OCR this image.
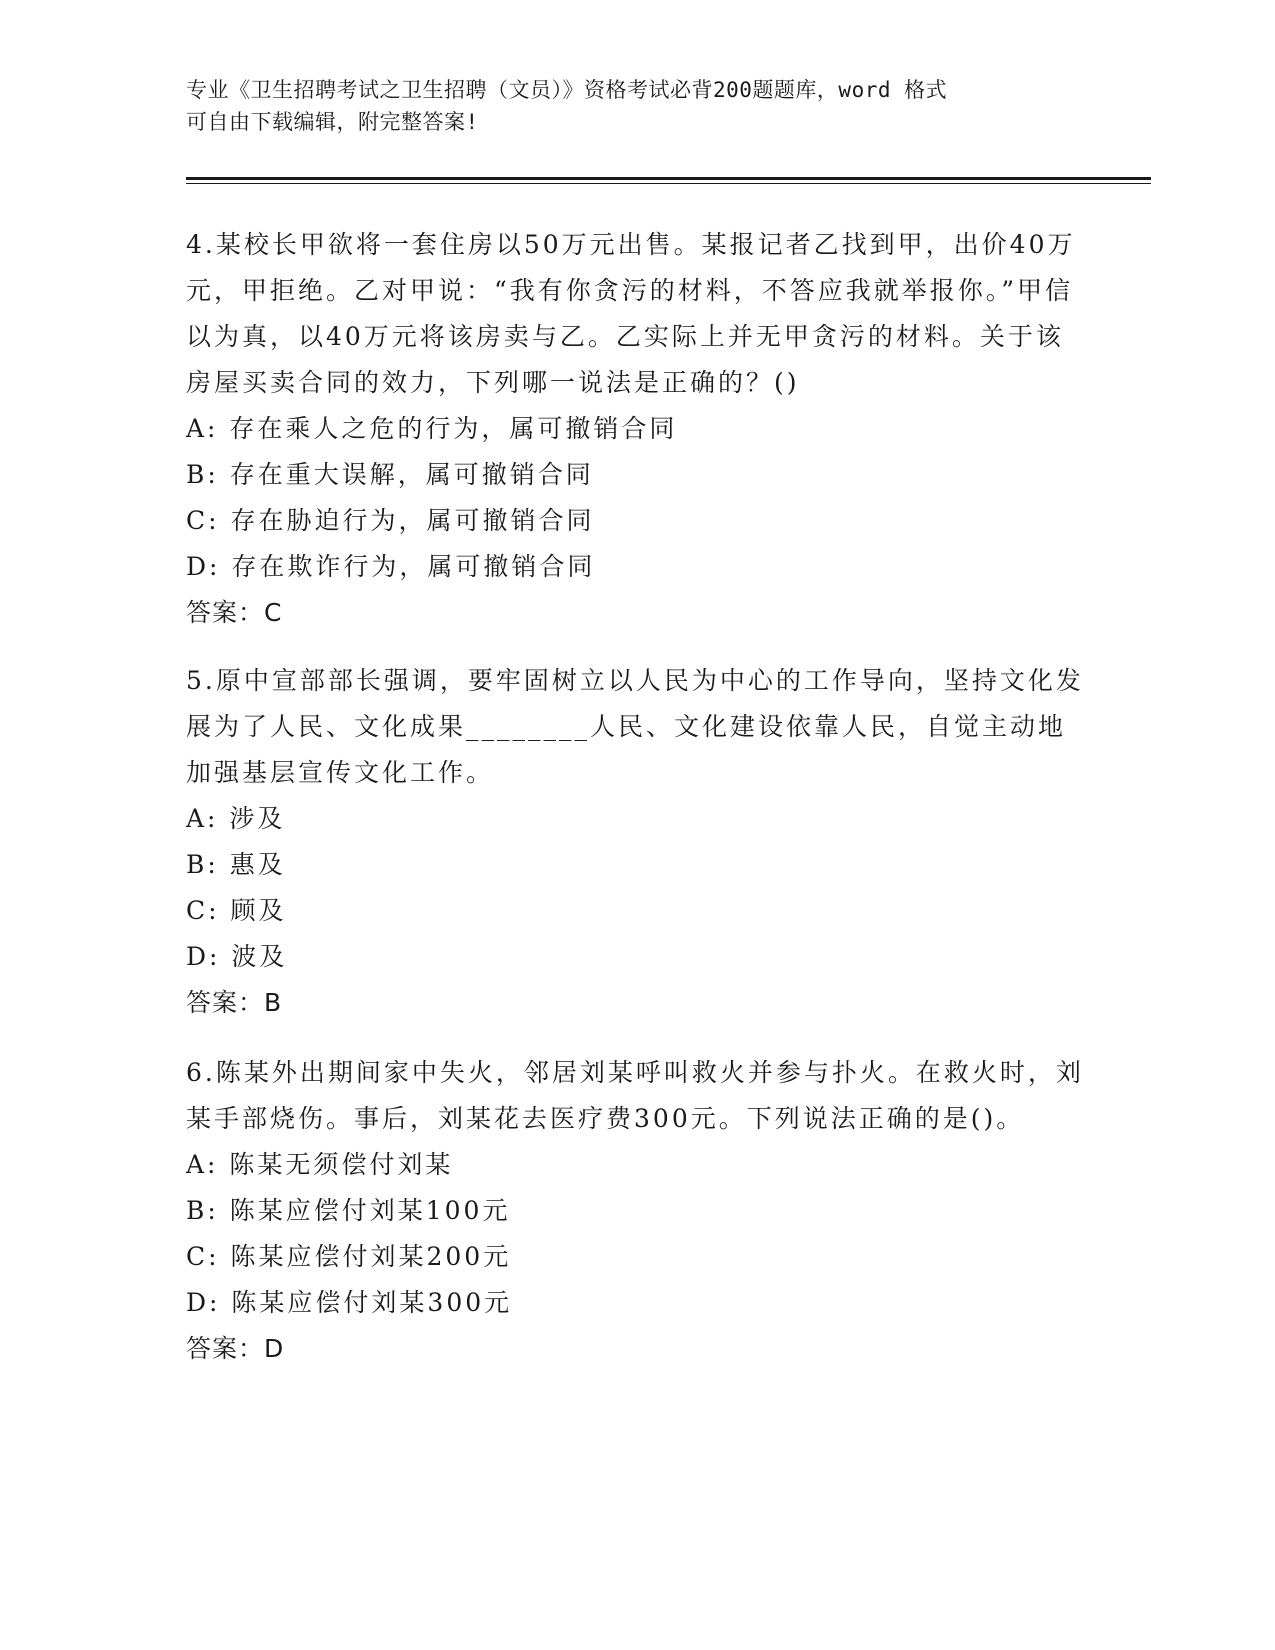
专业《卫生招聘考试之卫生招聘（文员）》资格考试必背200题题库，word 格式
可自由下载编辑，附完整答案!

4.某校长甲欲将一套住房以50万元出售。某报记者乙找到甲，出价40万元，甲拒绝。乙对甲说：“我有你贪污的材料，不答应我就举报你。”甲信以为真，以40万元将该房卖与乙。乙实际上并无甲贪污的材料。关于该房屋买卖合同的效力，下列哪一说法是正确的？()

A: 存在乘人之危的行为，属可撤销合同

B: 存在重大误解，属可撤销合同

C: 存在胁迫行为，属可撤销合同

D: 存在欺诈行为，属可撤销合同

答案：C

5.原中宣部部长强调，要牢固树立以人民为中心的工作导向，坚持文化发展为了人民、文化成果________人民、文化建设依靠人民，自觉主动地加强基层宣传文化工作。

A: 涉及

B: 惠及

C: 顾及

D: 波及

答案：B

6.陈某外出期间家中失火，邻居刘某呼叫救火并参与扑火。在救火时，刘某手部烧伤。事后，刘某花去医疗费300元。下列说法正确的是()。

A: 陈某无须偿付刘某

B: 陈某应偿付刘某100元

C: 陈某应偿付刘某200元

D: 陈某应偿付刘某300元

答案：D
